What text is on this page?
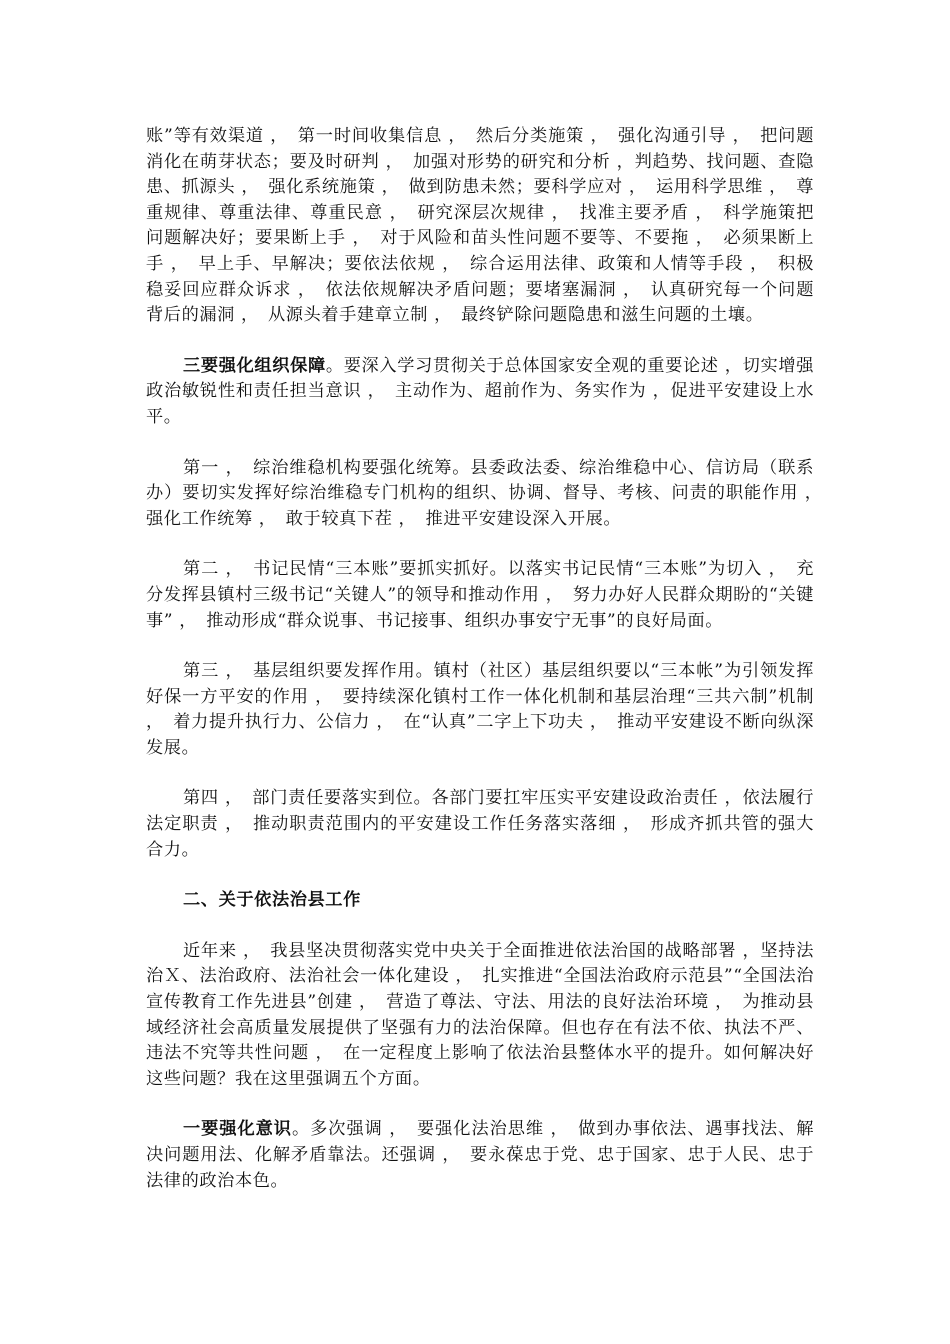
账”等有效渠道 ，　第一时间收集信息 ，　然后分类施策 ，　强化沟通引导 ，　把问题消化在萌芽状态；要及时研判 ，　加强对形势的研究和分析 ，判趋势、找问题、查隐患、抓源头 ，　强化系统施策 ，　做到防患未然；要科学应对 ，　运用科学思维 ，　尊重规律、尊重法律、尊重民意 ，　研究深层次规律 ，　找准主要矛盾 ，　科学施策把问题解决好；要果断上手 ，　对于风险和苗头性问题不要等、不要拖 ，　必须果断上手 ，　早上手、早解决；要依法依规 ，　综合运用法律、政策和人情等手段 ，　积极稳妥回应群众诉求 ，　依法依规解决矛盾问题；要堵塞漏洞 ，　认真研究每一个问题背后的漏洞 ，　从源头着手建章立制 ，　最终铲除问题隐患和滋生问题的土壤。

三要强化组织保障。要深入学习贯彻关于总体国家安全观的重要论述 ，切实增强政治敏锐性和责任担当意识 ，　主动作为、超前作为、务实作为 ，促进平安建设上水平。

第一 ，　综治维稳机构要强化统筹。县委政法委、综治维稳中心、信访局（联系办）要切实发挥好综治维稳专门机构的组织、协调、督导、考核、问责的职能作用 ，　强化工作统筹 ，　敢于较真下茬 ，　推进平安建设深入开展。

第二 ，　书记民情“三本账”要抓实抓好。以落实书记民情“三本账”为切入 ，　充分发挥县镇村三级书记“关键人”的领导和推动作用 ，　努力办好人民群众期盼的“关键事” ，　推动形成“群众说事、书记接事、组织办事安宁无事”的良好局面。

第三 ，　基层组织要发挥作用。镇村（社区）基层组织要以“三本帐”为引领发挥好保一方平安的作用 ，　要持续深化镇村工作一体化机制和基层治理“三共六制”机制 ，　着力提升执行力、公信力 ，　在“认真”二字上下功夫 ，　推动平安建设不断向纵深发展。

第四 ，　部门责任要落实到位。各部门要扛牢压实平安建设政治责任 ，依法履行法定职责 ，　推动职责范围内的平安建设工作任务落实落细 ，　形成齐抓共管的强大合力。

二、关于依法治县工作

近年来 ，　我县坚决贯彻落实党中央关于全面推进依法治国的战略部署 ，坚持法治Ｘ、法治政府、法治社会一体化建设 ，　扎实推进“全国法治政府示范县”“全国法治宣传教育工作先进县”创建 ，　营造了尊法、守法、用法的良好法治环境 ，　为推动县域经济社会高质量发展提供了坚强有力的法治保障。但也存在有法不依、执法不严、违法不究等共性问题 ，　在一定程度上影响了依法治县整体水平的提升。如何解决好这些问题？我在这里强调五个方面。

一要强化意识。多次强调 ，　要强化法治思维 ，　做到办事依法、遇事找法、解决问题用法、化解矛盾靠法。还强调 ，　要永葆忠于党、忠于国家、忠于人民、忠于法律的政治本色。
